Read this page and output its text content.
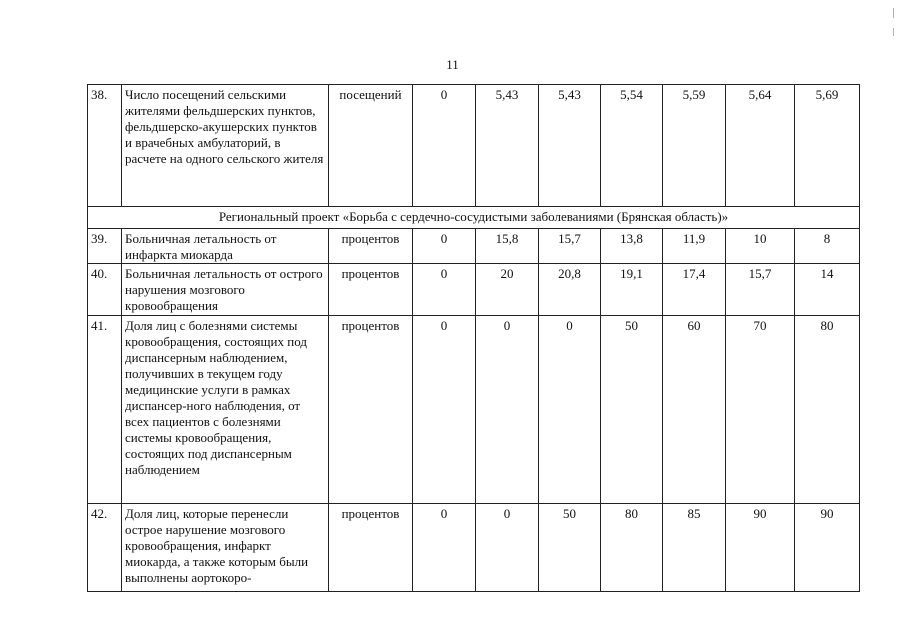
11
38.	Число посещений сельскими жителями фельдшерских пунктов, фельдшерско-акушерских пунктов и врачебных амбулаторий, в расчете на одного сельского жителя	посещений	0	5,43	5,43	5,54	5,59	5,64	5,69
Региональный проект «Борьба с сердечно-сосудистыми заболеваниями (Брянская область)»									
39.	Больничная летальность от инфаркта миокарда	процентов	0	15,8	15,7	13,8	11,9	10	8
40.	Больничная летальность от острого нарушения мозгового кровообращения	процентов	0	20	20,8	19,1	17,4	15,7	14
41.	Доля лиц с болезнями системы кровообращения, состоящих под диспансерным наблюдением, получивших в текущем году медицинские услуги в рамках диспансер-ного наблюдения, от всех пациентов с болезнями системы кровообращения, состоящих под диспансерным наблюдением	процентов	0	0	0	50	60	70	80
42.	Доля лиц, которые перенесли острое нарушение мозгового кровообращения, инфаркт миокарда, а также которым были выполнены аортокоро-	процентов	0	0	50	80	85	90	90
